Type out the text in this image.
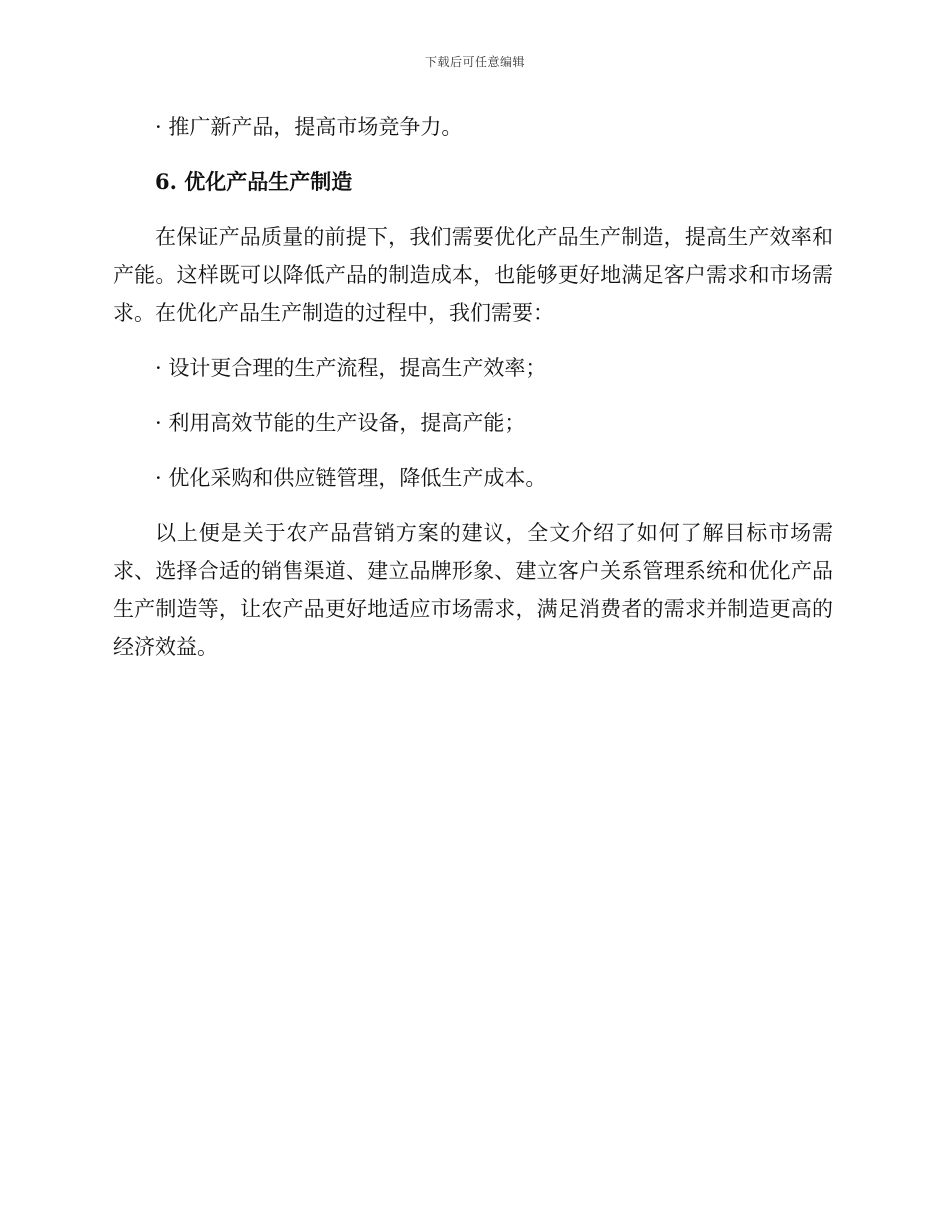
下载后可任意编辑

· 推广新产品，提高市场竞争力。

6. 优化产品生产制造

在保证产品质量的前提下，我们需要优化产品生产制造，提高生产效率和产能。这样既可以降低产品的制造成本，也能够更好地满足客户需求和市场需求。在优化产品生产制造的过程中，我们需要：

· 设计更合理的生产流程，提高生产效率；

· 利用高效节能的生产设备，提高产能；

· 优化采购和供应链管理，降低生产成本。

以上便是关于农产品营销方案的建议，全文介绍了如何了解目标市场需求、选择合适的销售渠道、建立品牌形象、建立客户关系管理系统和优化产品生产制造等，让农产品更好地适应市场需求，满足消费者的需求并制造更高的经济效益。
